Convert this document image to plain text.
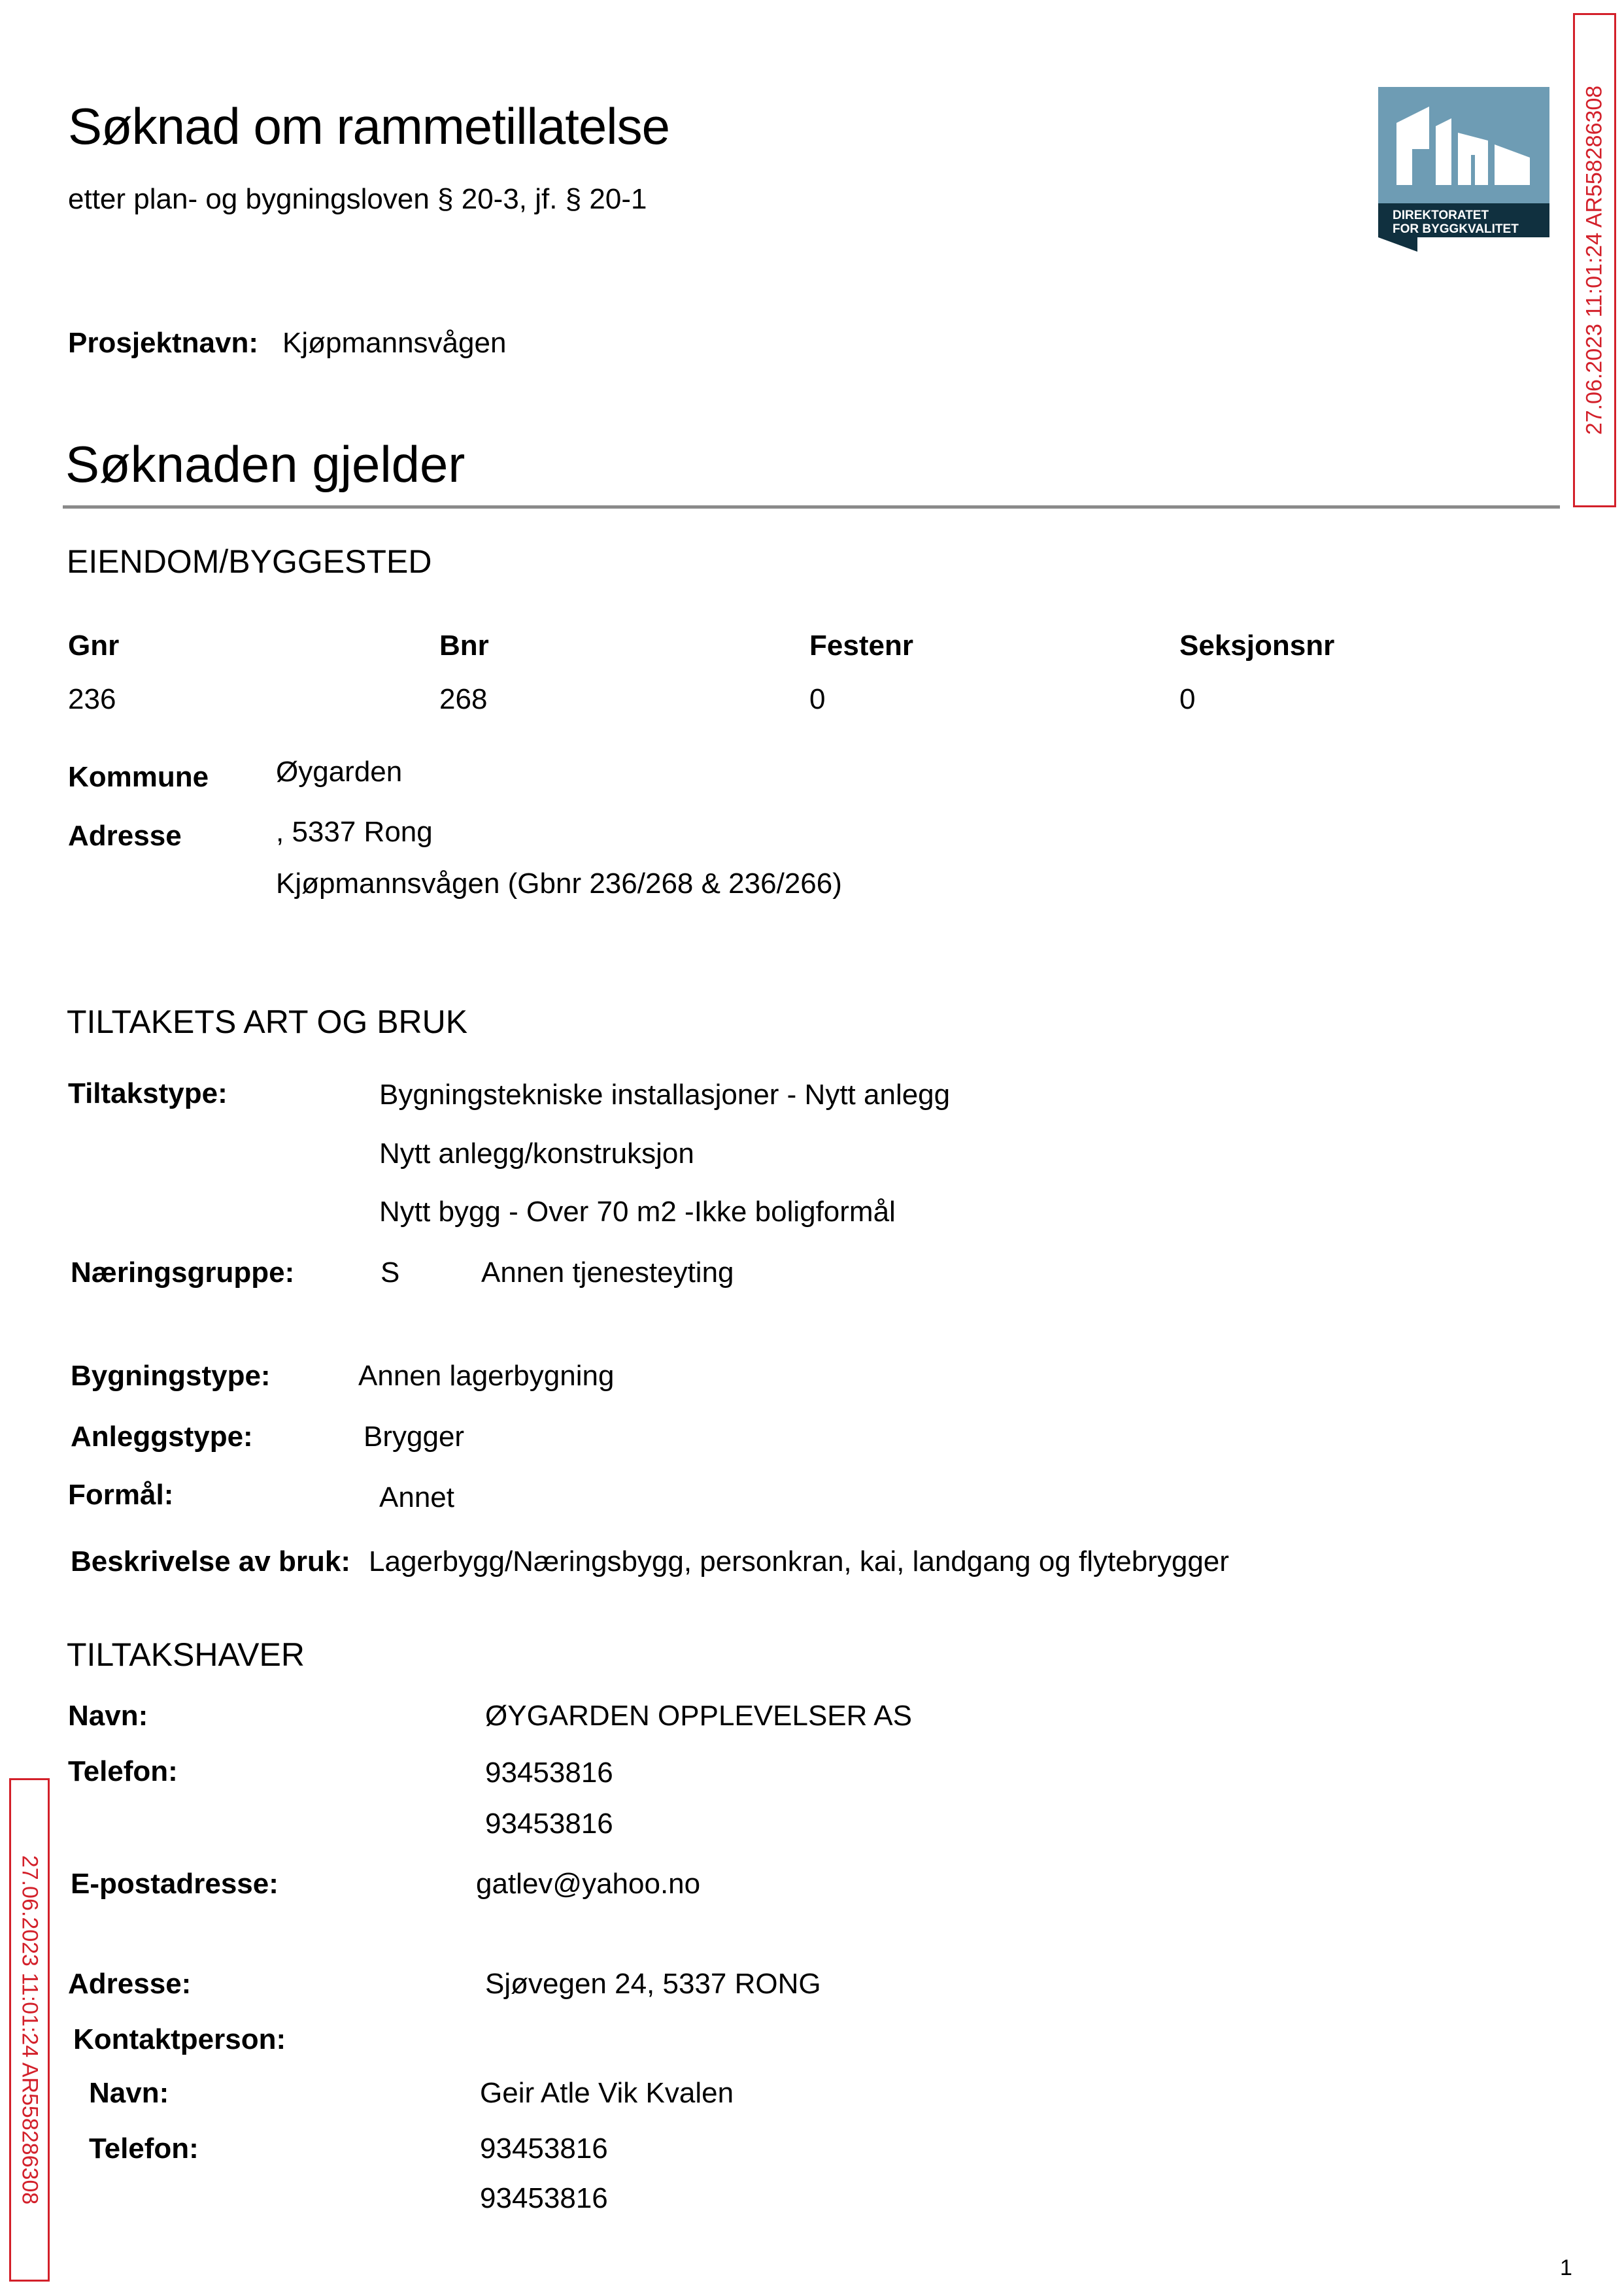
Søknad om rammetillatelse
etter plan- og bygningsloven § 20-3, jf. § 20-1
DIREKTORATET
FOR BYGGKVALITET	27.06.2023 11:01:24 AR558286308
27.06.2023 11:01:24 AR558286308
Prosjektnavn: Kjøpmannsvågen
Søknaden gjelder
EIENDOM/BYGGESTED
Gnr	Bnr	Festenr	Seksjonsnr
236	268	0	0
Kommune Øygarden
Adresse	, 5337 Rong
Kjøpmannsvågen (Gbnr 236/268 & 236/266)
TILTAKETS ART OG BRUK
Tiltakstype:	Bygningstekniske installasjoner - Nytt anlegg
Nytt anlegg/konstruksjon
Nytt bygg - Over 70 m2 -Ikke boligformål
Næringsgruppe:	S	Annen tjenesteyting
Bygningstype:	Annen lagerbygning
Anleggstype:	Brygger
Formål:	Annet
Beskrivelse av bruk: Lagerbygg/Næringsbygg, personkran, kai, landgang og flytebrygger
TILTAKSHAVER
Navn:	ØYGARDEN OPPLEVELSER AS
Telefon:	93453816
93453816
E-postadresse:	gatlev@yahoo.no
Adresse:	Sjøvegen 24, 5337 RONG
Kontaktperson:
Navn:	Geir Atle Vik Kvalen
Telefon:	93453816
93453816
1
